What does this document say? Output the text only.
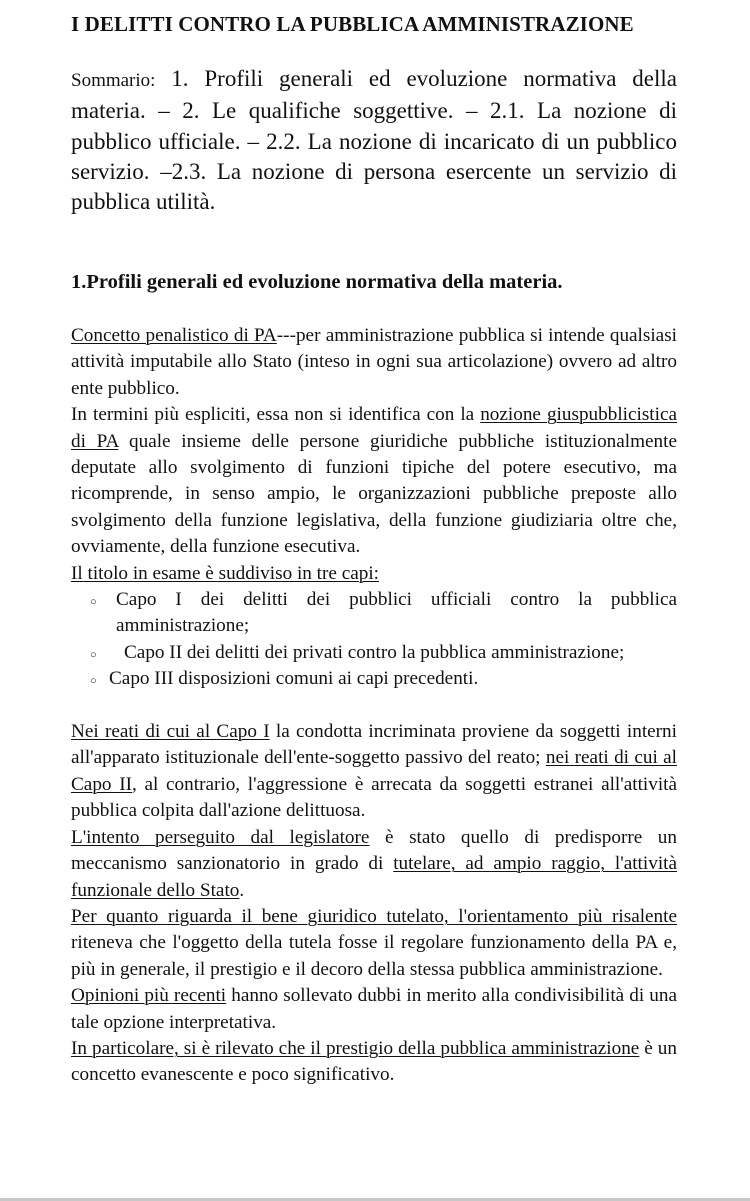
I DELITTI CONTRO LA PUBBLICA AMMINISTRAZIONE
Sommario: 1. Profili generali ed evoluzione normativa della materia. – 2. Le qualifiche soggettive. – 2.1. La nozione di pubblico ufficiale. – 2.2. La nozione di incaricato di un pubblico servizio. –2.3. La nozione di persona esercente un servizio di pubblica utilità.
1.Profili generali ed evoluzione normativa della materia.

Concetto penalistico di PA---per amministrazione pubblica si intende qualsiasi attività imputabile allo Stato (inteso in ogni sua articolazione) ovvero ad altro ente pubblico.

In termini più espliciti, essa non si identifica con la nozione giuspubblicistica di PA quale insieme delle persone giuridiche pubbliche istituzionalmente deputate allo svolgimento di funzioni tipiche del potere esecutivo, ma ricomprende, in senso ampio, le organizzazioni pubbliche preposte allo svolgimento della funzione legislativa, della funzione giudiziaria oltre che, ovviamente, della funzione esecutiva.

Il titolo in esame è suddiviso in tre capi:

○ Capo I dei delitti dei pubblici ufficiali contro la pubblica amministrazione;
○ Capo II dei delitti dei privati contro la pubblica amministrazione;
○ Capo III disposizioni comuni ai capi precedenti.

Nei reati di cui al Capo I la condotta incriminata proviene da soggetti interni all'apparato istituzionale dell'ente-soggetto passivo del reato; nei reati di cui al Capo II, al contrario, l'aggressione è arrecata da soggetti estranei all'attività pubblica colpita dall'azione delittuosa.

L'intento perseguito dal legislatore è stato quello di predisporre un meccanismo sanzionatorio in grado di tutelare, ad ampio raggio, l'attività funzionale dello Stato.

Per quanto riguarda il bene giuridico tutelato, l'orientamento più risalente riteneva che l'oggetto della tutela fosse il regolare funzionamento della PA e, più in generale, il prestigio e il decoro della stessa pubblica amministrazione.

Opinioni più recenti hanno sollevato dubbi in merito alla condivisibilità di una tale opzione interpretativa.

In particolare, si è rilevato che il prestigio della pubblica amministrazione è un concetto evanescente e poco significativo.
